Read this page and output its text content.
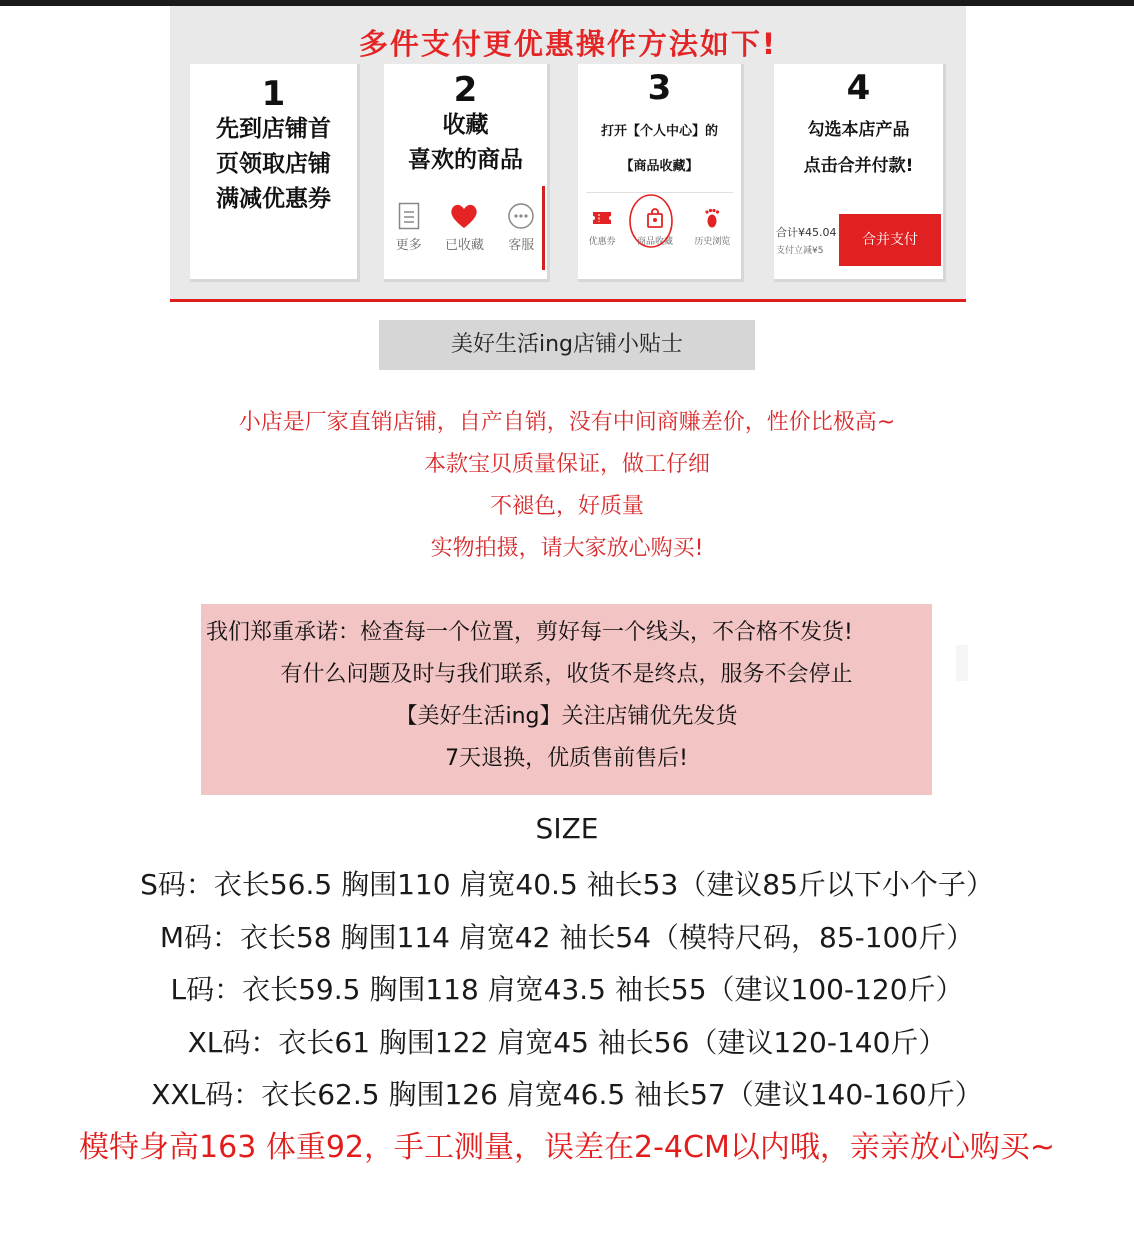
多件支付更优惠操作方法如下!
1
先到店铺首
页领取店铺
满减优惠券
2
收藏
喜欢的商品
更多 已收藏 客服
3
打开【个人中心】的
【商品收藏】
优惠券 商品收藏 历史浏览
4
勾选本店产品
点击合并付款!
合计¥45.04
支付立减¥5
合并支付
美好生活ing店铺小贴士
小店是厂家直销店铺，自产自销，没有中间商赚差价，性价比极高~
本款宝贝质量保证，做工仔细
不褪色，好质量
实物拍摄，请大家放心购买!
我们郑重承诺：检查每一个位置，剪好每一个线头，不合格不发货!
有什么问题及时与我们联系，收货不是终点，服务不会停止
【美好生活ing】关注店铺优先发货
7天退换，优质售前售后!
SIZE
S码：衣长56.5 胸围110 肩宽40.5 袖长53（建议85斤以下小个子）
M码：衣长58 胸围114 肩宽42 袖长54（模特尺码，85-100斤）
L码：衣长59.5 胸围118 肩宽43.5 袖长55（建议100-120斤）
XL码：衣长61 胸围122 肩宽45 袖长56（建议120-140斤）
XXL码：衣长62.5 胸围126 肩宽46.5 袖长57（建议140-160斤）
模特身高163 体重92，手工测量，误差在2-4CM以内哦，亲亲放心购买~
